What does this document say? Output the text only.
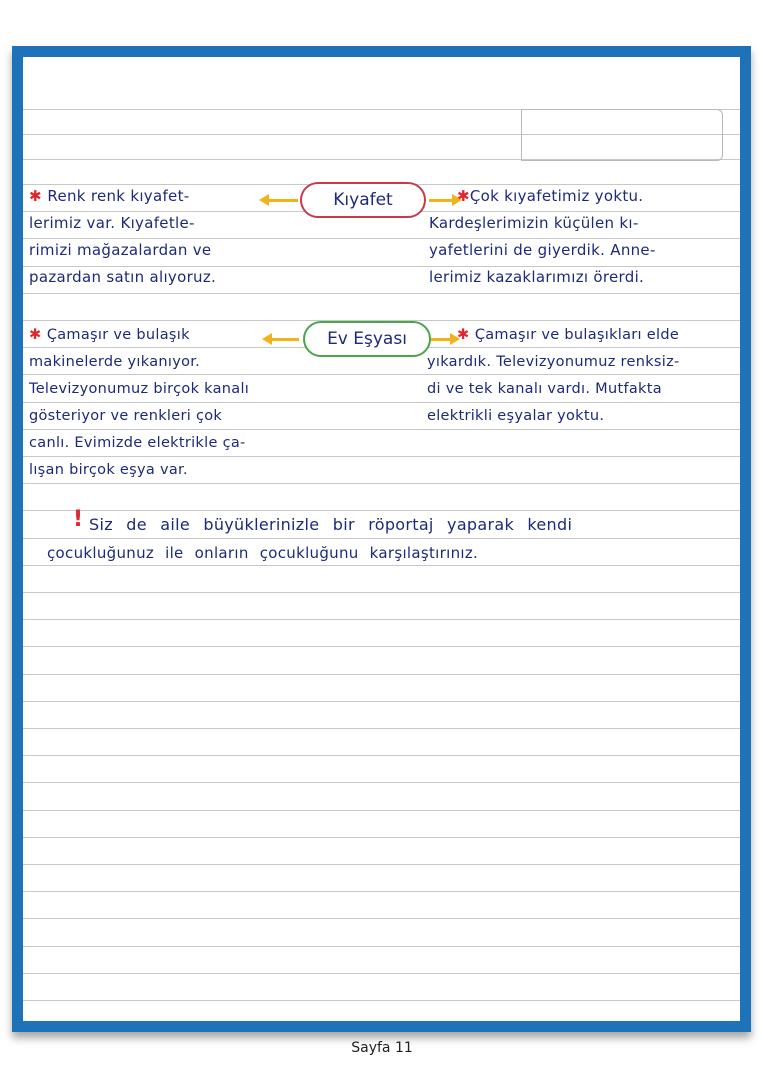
✱ Renk renk kıyafet-

lerimiz var. Kıyafetle-

rimizi mağazalardan ve

pazardan satın alıyoruz.

Kıyafet	✱Çok kıyafetimiz yoktu.

Kardeşlerimizin küçülen kı-

yafetlerini de giyerdik. Anne-

lerimiz kazaklarımızı örerdi.

✱ Çamaşır ve bulaşık

makinelerde yıkanıyor.

Televizyonumuz birçok kanalı

gösteriyor ve renkleri çok

canlı. Evimizde elektrikle ça-

lışan birçok eşya var.

Ev Eşyası	✱ Çamaşır ve bulaşıkları elde

yıkardık. Televizyonumuz renksiz-

di ve tek kanalı vardı. Mutfakta

elektrikli eşyalar yoktu.

! Siz de aile büyüklerinizle bir röportaj yaparak kendi
çocukluğunuz ile onların çocukluğunu karşılaştırınız.
Sayfa 11
